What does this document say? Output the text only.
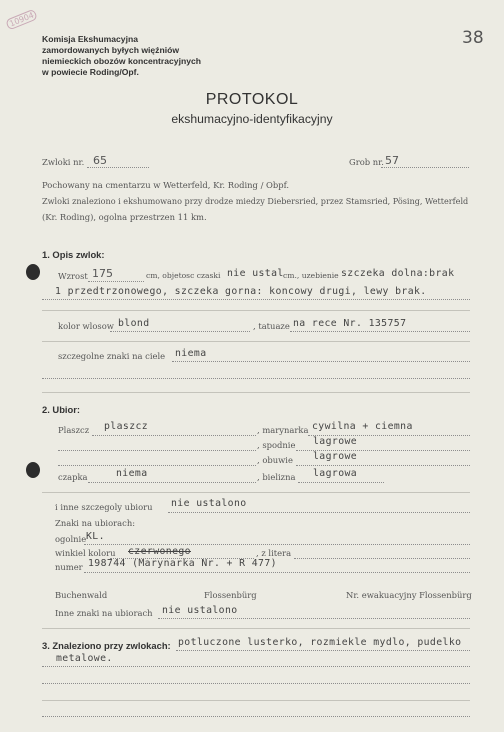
10904
38
Komisja Ekshumacyjna
zamordowanych byłych więźniów
niemieckich obozów koncentracyjnych
w powiecie Roding/Opf.
PROTOKOL
ekshumacyjno-identyfikacyjny
Zwloki nr. 65	Grob nr. 57
Pochowany na cmentarzu w Wetterfeld, Kr. Roding / Obpf.
Zwloki znaleziono i ekshumowano przy drodze miedzy Diebersried, przez Stamsried, Pösing, Wetterfeld
(Kr. Roding), ogolna przestrzen 11 km.
1. Opis zwlok:
Wzrost 175	cm, objetosc czaski nie ustal cm., uzebienie szczeka dolna:brak
1 przedtrzonowego, szczeka gorna: koncowy drugi, lewy brak.
kolor wlosow blond	, tatuaze na rece Nr. 135757
szczegolne znaki na ciele niema
2. Ubior:
Plaszcz plaszcz	, marynarka cywilna + ciemna
, spodnie lagrowe
, obuwie lagrowe
czapka	niema	, bielizna lagrowa
i inne szczegoly ubioru nie ustalono
Znaki na ubiorach:
ogolnie KL.
winkiel koloru czerwonego	, z litera
numer 198744 (Marynarka Nr. + R 477)
Buchenwald	Flossenbürg	Nr. ewakuacyjny Flossenbürg
Inne znaki na ubiorach nie ustalono
3. Znaleziono przy zwlokach: potluczone lusterko, rozmiekle mydlo, pudelko
metalowe.
